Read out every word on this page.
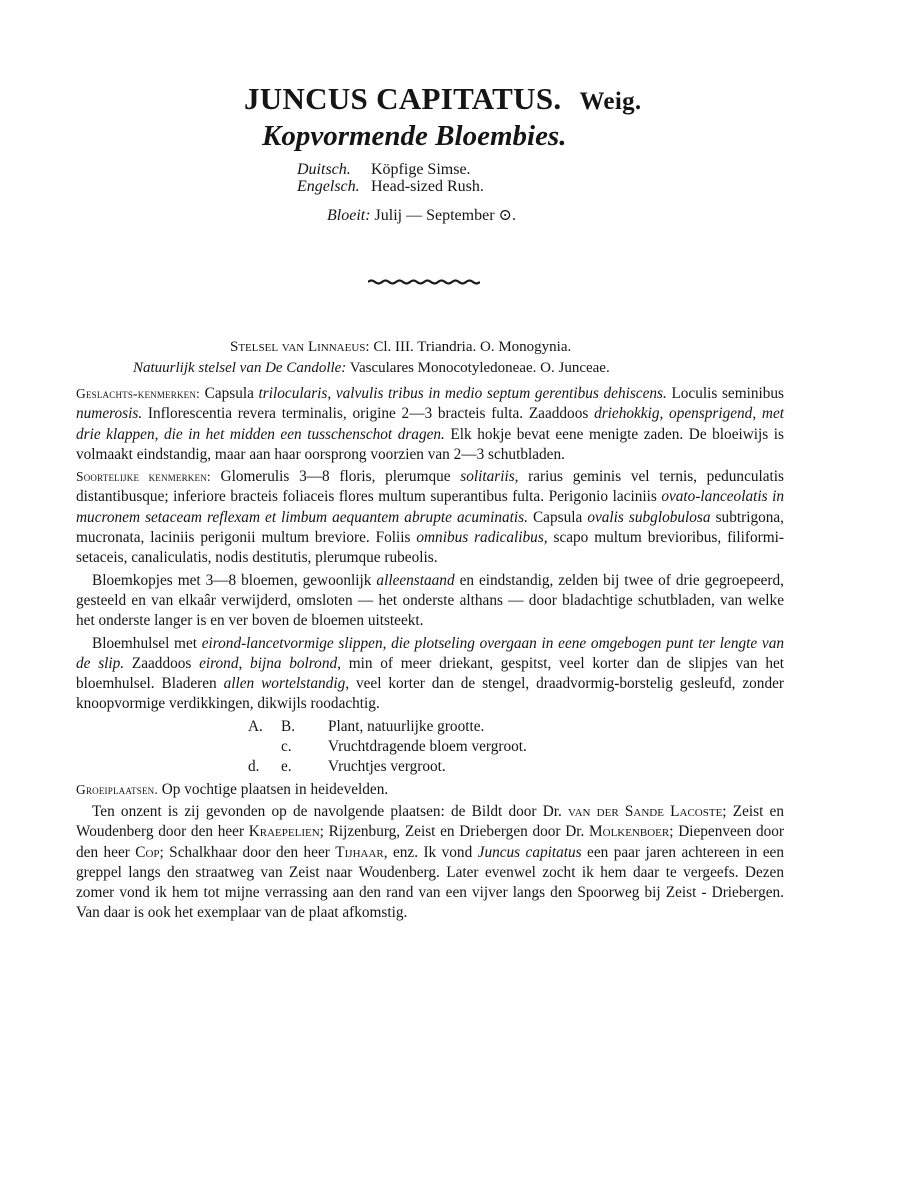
JUNCUS CAPITATUS. Weig.
Kopvormende Bloembies.
Duitsch. Köpfige Simse.
Engelsch. Head-sized Rush.
Bloeit: Julij — September ⊙.
Stelsel van Linnaeus: Cl. III. Triandria. O. Monogynia.
Natuurlijk stelsel van De Candolle: Vasculares Monocotyledoneae. O. Junceae.

Geslachts-kenmerken: Capsula trilocularis, valvulis tribus in medio septum gerentibus dehiscens. Loculis seminibus numerosis. Inflorescentia revera terminalis, origine 2—3 bracteis fulta. Zaaddoos driehokkig, opensprigend, met drie klappen, die in het midden een tusschenschot dragen. Elk hokje bevat eene menigte zaden. De bloeiwijs is volmaakt eindstandig, maar aan haar oorsprong voorzien van 2—3 schutbladen.

Soortelijke kenmerken: Glomerulis 3—8 floris, plerumque solitariis, rarius geminis vel ternis, pedunculatis distantibusque; inferiore bracteis foliaceis flores multum superantibus fulta. Perigonio laciniis ovato-lanceolatis in mucronem setaceam reflexam et limbum aequantem abrupte acuminatis. Capsula ovalis subglobulosa subtrigona, mucronata, laciniis perigonii multum breviore. Foliis omnibus radicalibus, scapo multum brevioribus, filiformi-setaceis, canaliculatis, nodis destitutis, plerumque rubeolis.

Bloemkopjes met 3—8 bloemen, gewoonlijk alleenstaand en eindstandig, zelden bij twee of drie gegroepeerd, gesteeld en van elkaâr verwijderd, omsloten — het onderste althans — door bladachtige schutbladen, van welke het onderste langer is en ver boven de bloemen uitsteekt.

Bloemhulsel met eirond-lancetvormige slippen, die plotseling overgaan in eene omgebogen punt ter lengte van de slip. Zaaddoos eirond, bijna bolrond, min of meer driekant, gespitst, veel korter dan de slipjes van het bloemhulsel. Bladeren allen wortelstandig, veel korter dan de stengel, draadvormig-borstelig gesleufd, zonder knoopvormige verdikkingen, dikwijls roodachtig.

A. B. Plant, natuurlijke grootte.
c. Vruchtdragende bloem vergroot.
d. e. Vruchtjes vergroot.

Groeiplaatsen. Op vochtige plaatsen in heidevelden.

Ten onzent is zij gevonden op de navolgende plaatsen: de Bildt door Dr. van der Sande Lacoste; Zeist en Woudenberg door den heer Kraepelien; Rijzenburg, Zeist en Driebergen door Dr. Molkenboer; Diepenveen door den heer Cop; Schalkhaar door den heer Tijhaar, enz. Ik vond Juncus capitatus een paar jaren achtereen in een greppel langs den straatweg van Zeist naar Woudenberg. Later evenwel zocht ik hem daar te vergeefs. Dezen zomer vond ik hem tot mijne verrassing aan den rand van een vijver langs den Spoorweg bij Zeist - Driebergen. Van daar is ook het exemplaar van de plaat afkomstig.
